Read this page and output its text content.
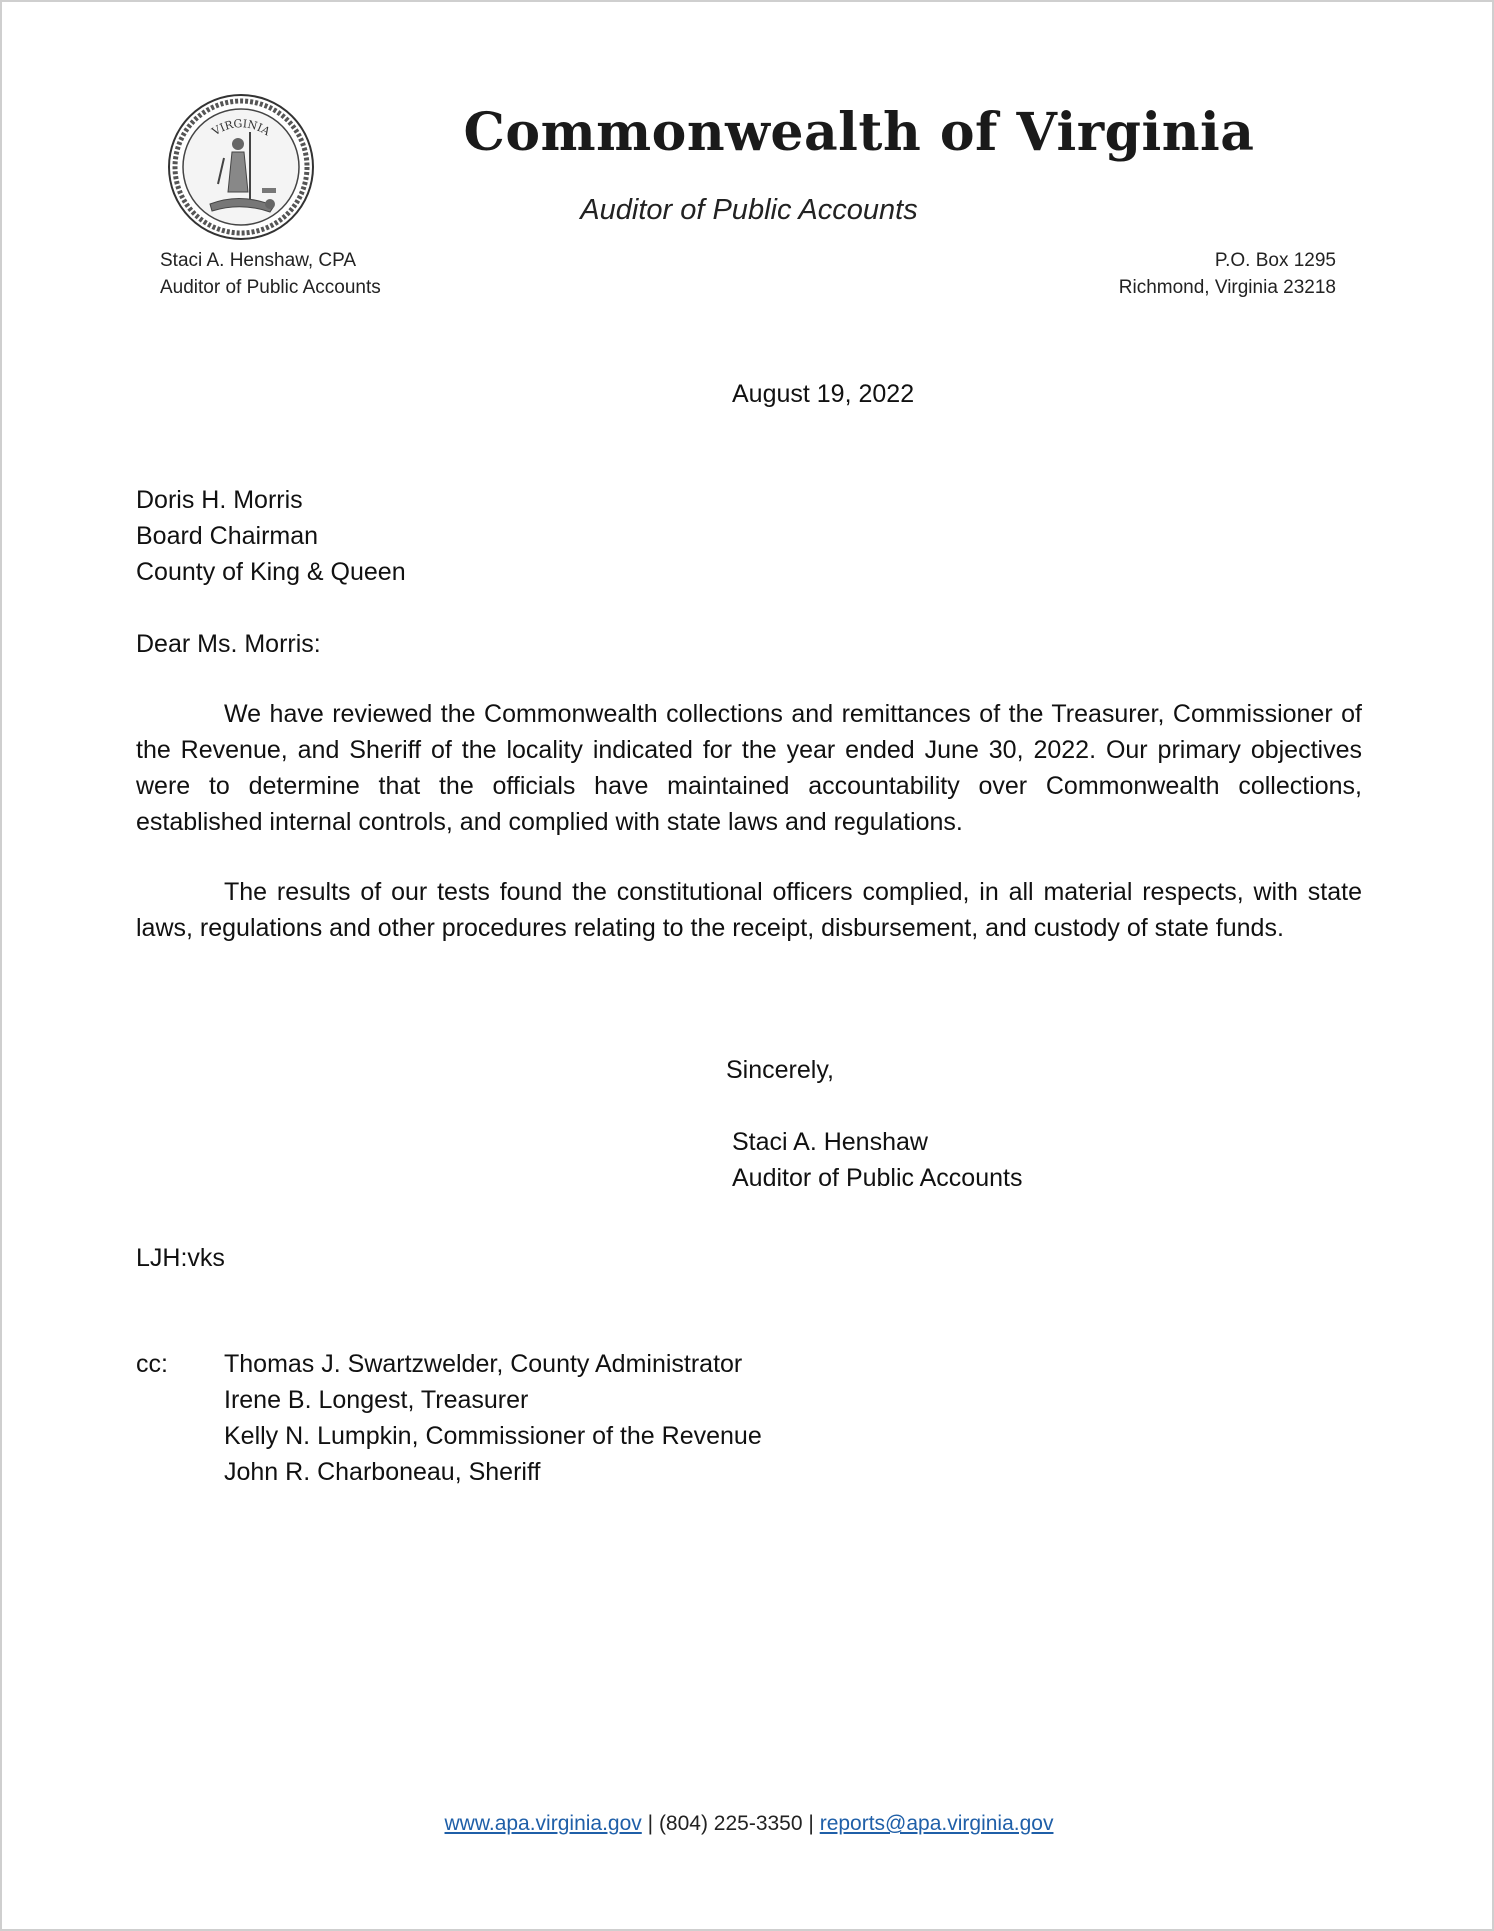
VIRGINIA	Commonwealth of Virginia
Auditor of Public Accounts
Staci A. Henshaw, CPA
Auditor of Public Accounts
P.O. Box 1295
Richmond, Virginia 23218
August 19, 2022
Doris H. Morris
Board Chairman
County of King & Queen
Dear Ms. Morris:

We have reviewed the Commonwealth collections and remittances of the Treasurer, Commissioner of the Revenue, and Sheriff of the locality indicated for the year ended June 30, 2022. Our primary objectives were to determine that the officials have maintained accountability over Commonwealth collections, established internal controls, and complied with state laws and regulations.

The results of our tests found the constitutional officers complied, in all material respects, with state laws, regulations and other procedures relating to the receipt, disbursement, and custody of state funds.

Sincerely,
Staci A. Henshaw
Auditor of Public Accounts
LJH:vks
cc: Thomas J. Swartzwelder, County Administrator
Irene B. Longest, Treasurer
Kelly N. Lumpkin, Commissioner of the Revenue
John R. Charboneau, Sheriff
www.apa.virginia.gov | (804) 225-3350 | reports@apa.virginia.gov
